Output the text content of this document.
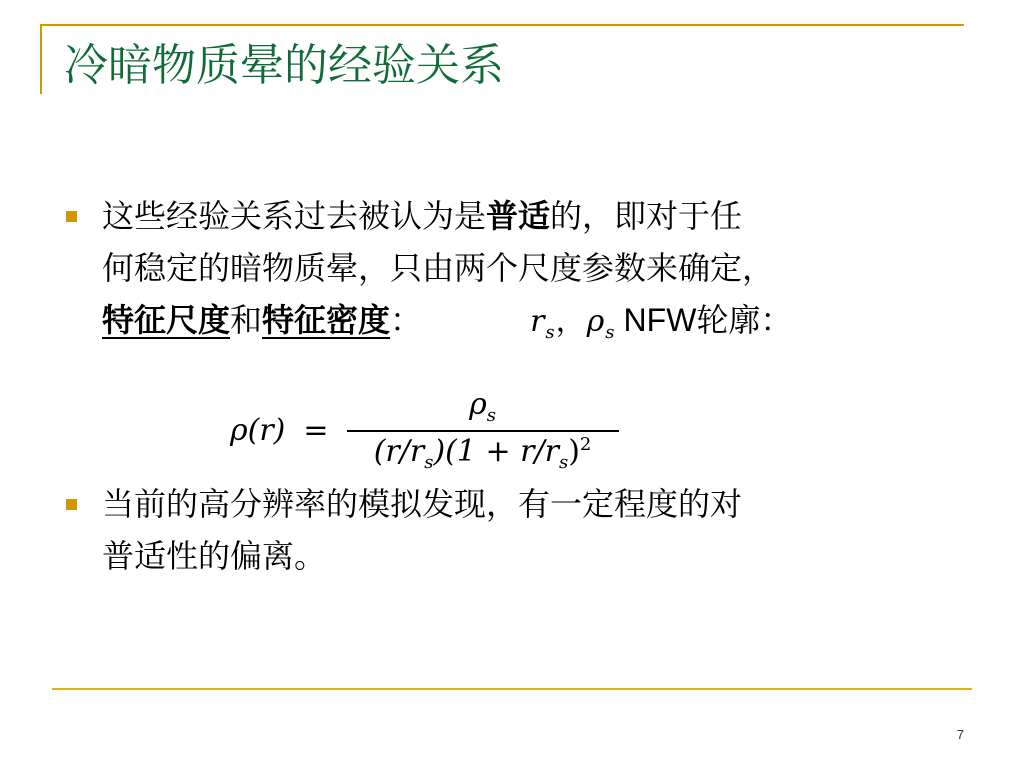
冷暗物质晕的经验关系
这些经验关系过去被认为是普适的，即对于任
何稳定的暗物质晕，只由两个尺度参数来确定，
特征尺度和特征密度：	$r_s$，$\rho_s$ NFW轮廓：
$\rho(r) = \frac{\rho_s}{(r/r_s)(1 + r/r_s)^2}$
当前的高分辨率的模拟发现，有一定程度的对
普适性的偏离。
7
